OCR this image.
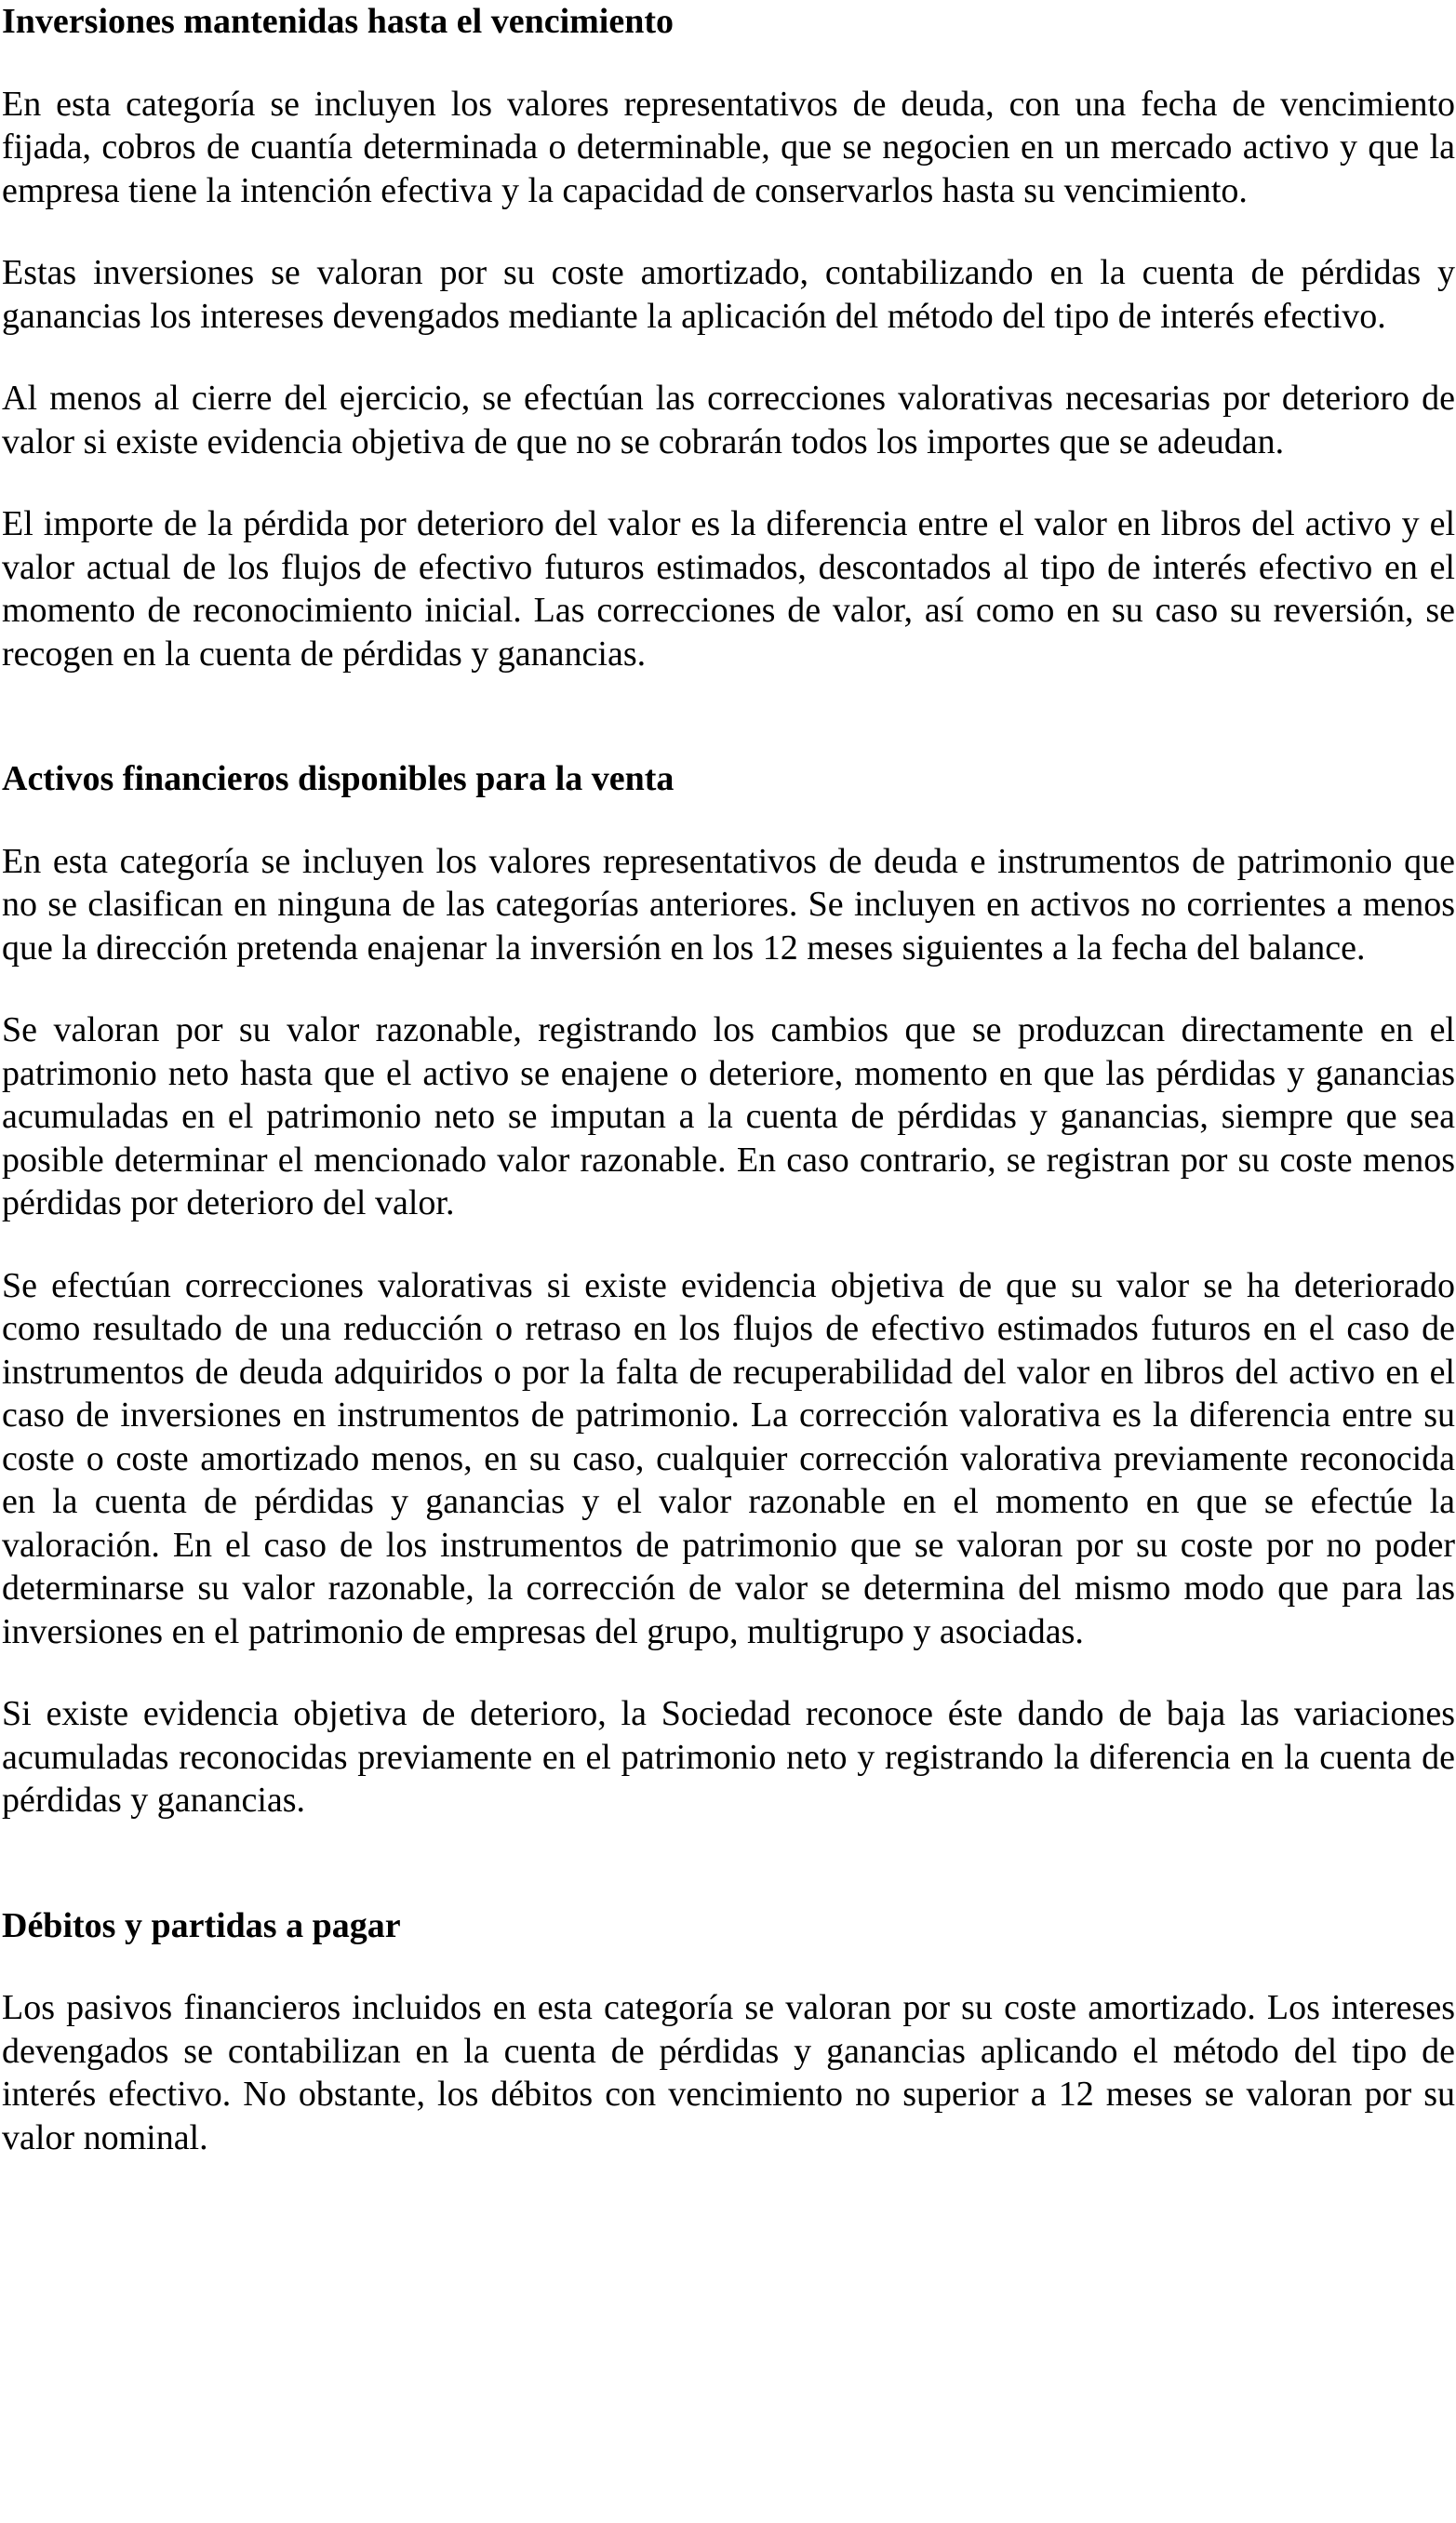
Inversiones mantenidas hasta el vencimiento

En esta categoría se incluyen los valores representativos de deuda, con una fecha de vencimiento fijada, cobros de cuantía determinada o determinable, que se negocien en un mercado activo y que la empresa tiene la intención efectiva y la capacidad de conservarlos hasta su vencimiento.

Estas inversiones se valoran por su coste amortizado, contabilizando en la cuenta de pérdidas y ganancias los intereses devengados mediante la aplicación del método del tipo de interés efectivo.

Al menos al cierre del ejercicio, se efectúan las correcciones valorativas necesarias por deterioro de valor si existe evidencia objetiva de que no se cobrarán todos los importes que se adeudan.

El importe de la pérdida por deterioro del valor es la diferencia entre el valor en libros del activo y el valor actual de los flujos de efectivo futuros estimados, descontados al tipo de interés efectivo en el momento de reconocimiento inicial. Las correcciones de valor, así como en su caso su reversión, se recogen en la cuenta de pérdidas y ganancias.

Activos financieros disponibles para la venta

En esta categoría se incluyen los valores representativos de deuda e instrumentos de patrimonio que no se clasifican en ninguna de las categorías anteriores. Se incluyen en activos no corrientes a menos que la dirección pretenda enajenar la inversión en los 12 meses siguientes a la fecha del balance.

Se valoran por su valor razonable, registrando los cambios que se produzcan directamente en el patrimonio neto hasta que el activo se enajene o deteriore, momento en que las pérdidas y ganancias acumuladas en el patrimonio neto se imputan a la cuenta de pérdidas y ganancias, siempre que sea posible determinar el mencionado valor razonable. En caso contrario, se registran por su coste menos pérdidas por deterioro del valor.

Se efectúan correcciones valorativas si existe evidencia objetiva de que su valor se ha deteriorado como resultado de una reducción o retraso en los flujos de efectivo estimados futuros en el caso de instrumentos de deuda adquiridos o por la falta de recuperabilidad del valor en libros del activo en el caso de inversiones en instrumentos de patrimonio. La corrección valorativa es la diferencia entre su coste o coste amortizado menos, en su caso, cualquier corrección valorativa previamente reconocida en la cuenta de pérdidas y ganancias y el valor razonable en el momento en que se efectúe la valoración. En el caso de los instrumentos de patrimonio que se valoran por su coste por no poder determinarse su valor razonable, la corrección de valor se determina del mismo modo que para las inversiones en el patrimonio de empresas del grupo, multigrupo y asociadas.

Si existe evidencia objetiva de deterioro, la Sociedad reconoce éste dando de baja las variaciones acumuladas reconocidas previamente en el patrimonio neto y registrando la diferencia en la cuenta de pérdidas y ganancias.

Débitos y partidas a pagar

Los pasivos financieros incluidos en esta categoría se valoran por su coste amortizado. Los intereses devengados se contabilizan en la cuenta de pérdidas y ganancias aplicando el método del tipo de interés efectivo. No obstante, los débitos con vencimiento no superior a 12 meses se valoran por su valor nominal.
